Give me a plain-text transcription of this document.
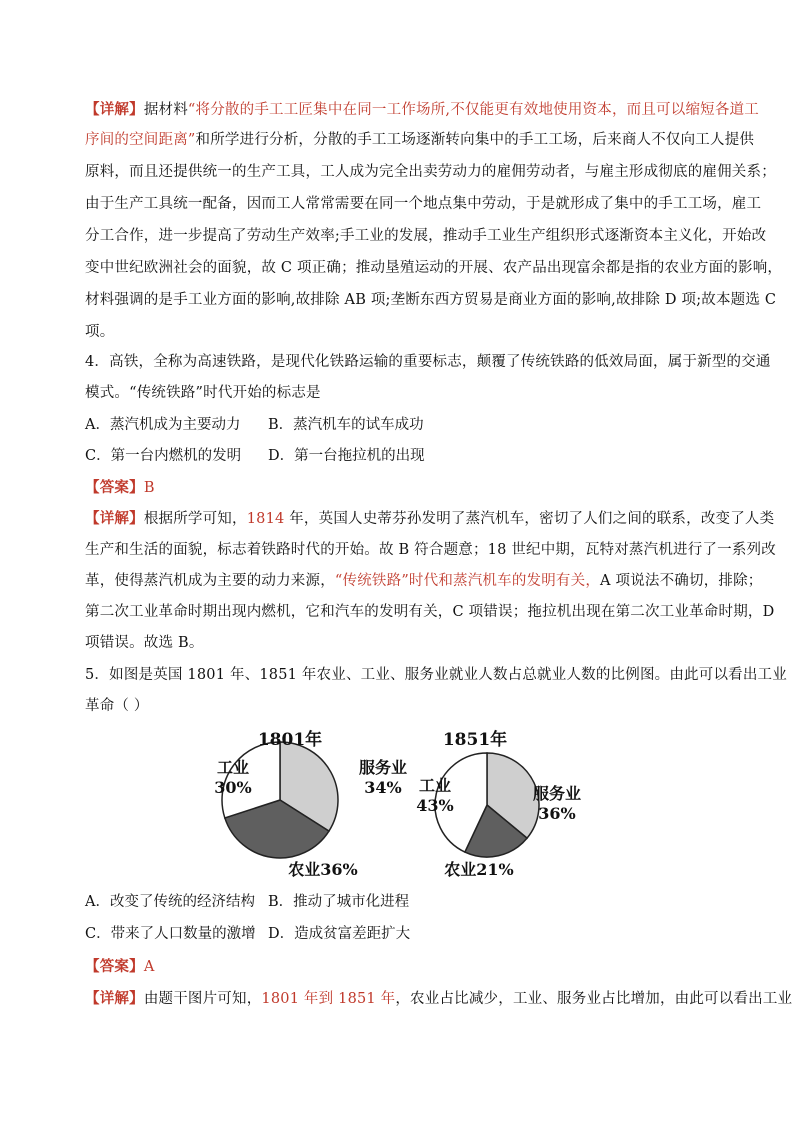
【详解】据材料“将分散的手工工匠集中在同一工作场所,不仅能更有效地使用资本，而且可以缩短各道工
序间的空间距离”和所学进行分析，分散的手工工场逐渐转向集中的手工工场，后来商人不仅向工人提供
原料，而且还提供统一的生产工具，工人成为完全出卖劳动力的雇佣劳动者，与雇主形成彻底的雇佣关系；
由于生产工具统一配备，因而工人常常需要在同一个地点集中劳动，于是就形成了集中的手工工场，雇工
分工合作，进一步提高了劳动生产效率;手工业的发展，推动手工业生产组织形式逐渐资本主义化，开始改
变中世纪欧洲社会的面貌，故 C 项正确；推动垦殖运动的开展、农产品出现富余都是指的农业方面的影响，
材料强调的是手工业方面的影响,故排除 AB 项;垄断东西方贸易是商业方面的影响,故排除 D 项;故本题选 C
项。
4．高铁，全称为高速铁路，是现代化铁路运输的重要标志，颠覆了传统铁路的低效局面，属于新型的交通
模式。“传统铁路”时代开始的标志是
A．蒸汽机成为主要动力 B．蒸汽机车的试车成功
C．第一台内燃机的发明 D．第一台拖拉机的出现
【答案】B
【详解】根据所学可知，1814 年，英国人史蒂芬孙发明了蒸汽机车，密切了人们之间的联系，改变了人类
生产和生活的面貌，标志着铁路时代的开始。故 B 符合题意；18 世纪中期，瓦特对蒸汽机进行了一系列改
革，使得蒸汽机成为主要的动力来源，“传统铁路”时代和蒸汽机车的发明有关，A 项说法不确切，排除；
第二次工业革命时期出现内燃机，它和汽车的发明有关，C 项错误；拖拉机出现在第二次工业革命时期，D
项错误。故选 B。
5．如图是英国 1801 年、1851 年农业、工业、服务业就业人数占总就业人数的比例图。由此可以看出工业
革命（ ）
1801年
服务业 34%
农业36%
工业 30%
1851年
服务业 36%
农业21%
工业 43%
A．改变了传统的经济结构 B．推动了城市化进程
C．带来了人口数量的激增 D．造成贫富差距扩大
【答案】A
【详解】由题干图片可知，1801 年到 1851 年，农业占比减少，工业、服务业占比增加，由此可以看出工业
